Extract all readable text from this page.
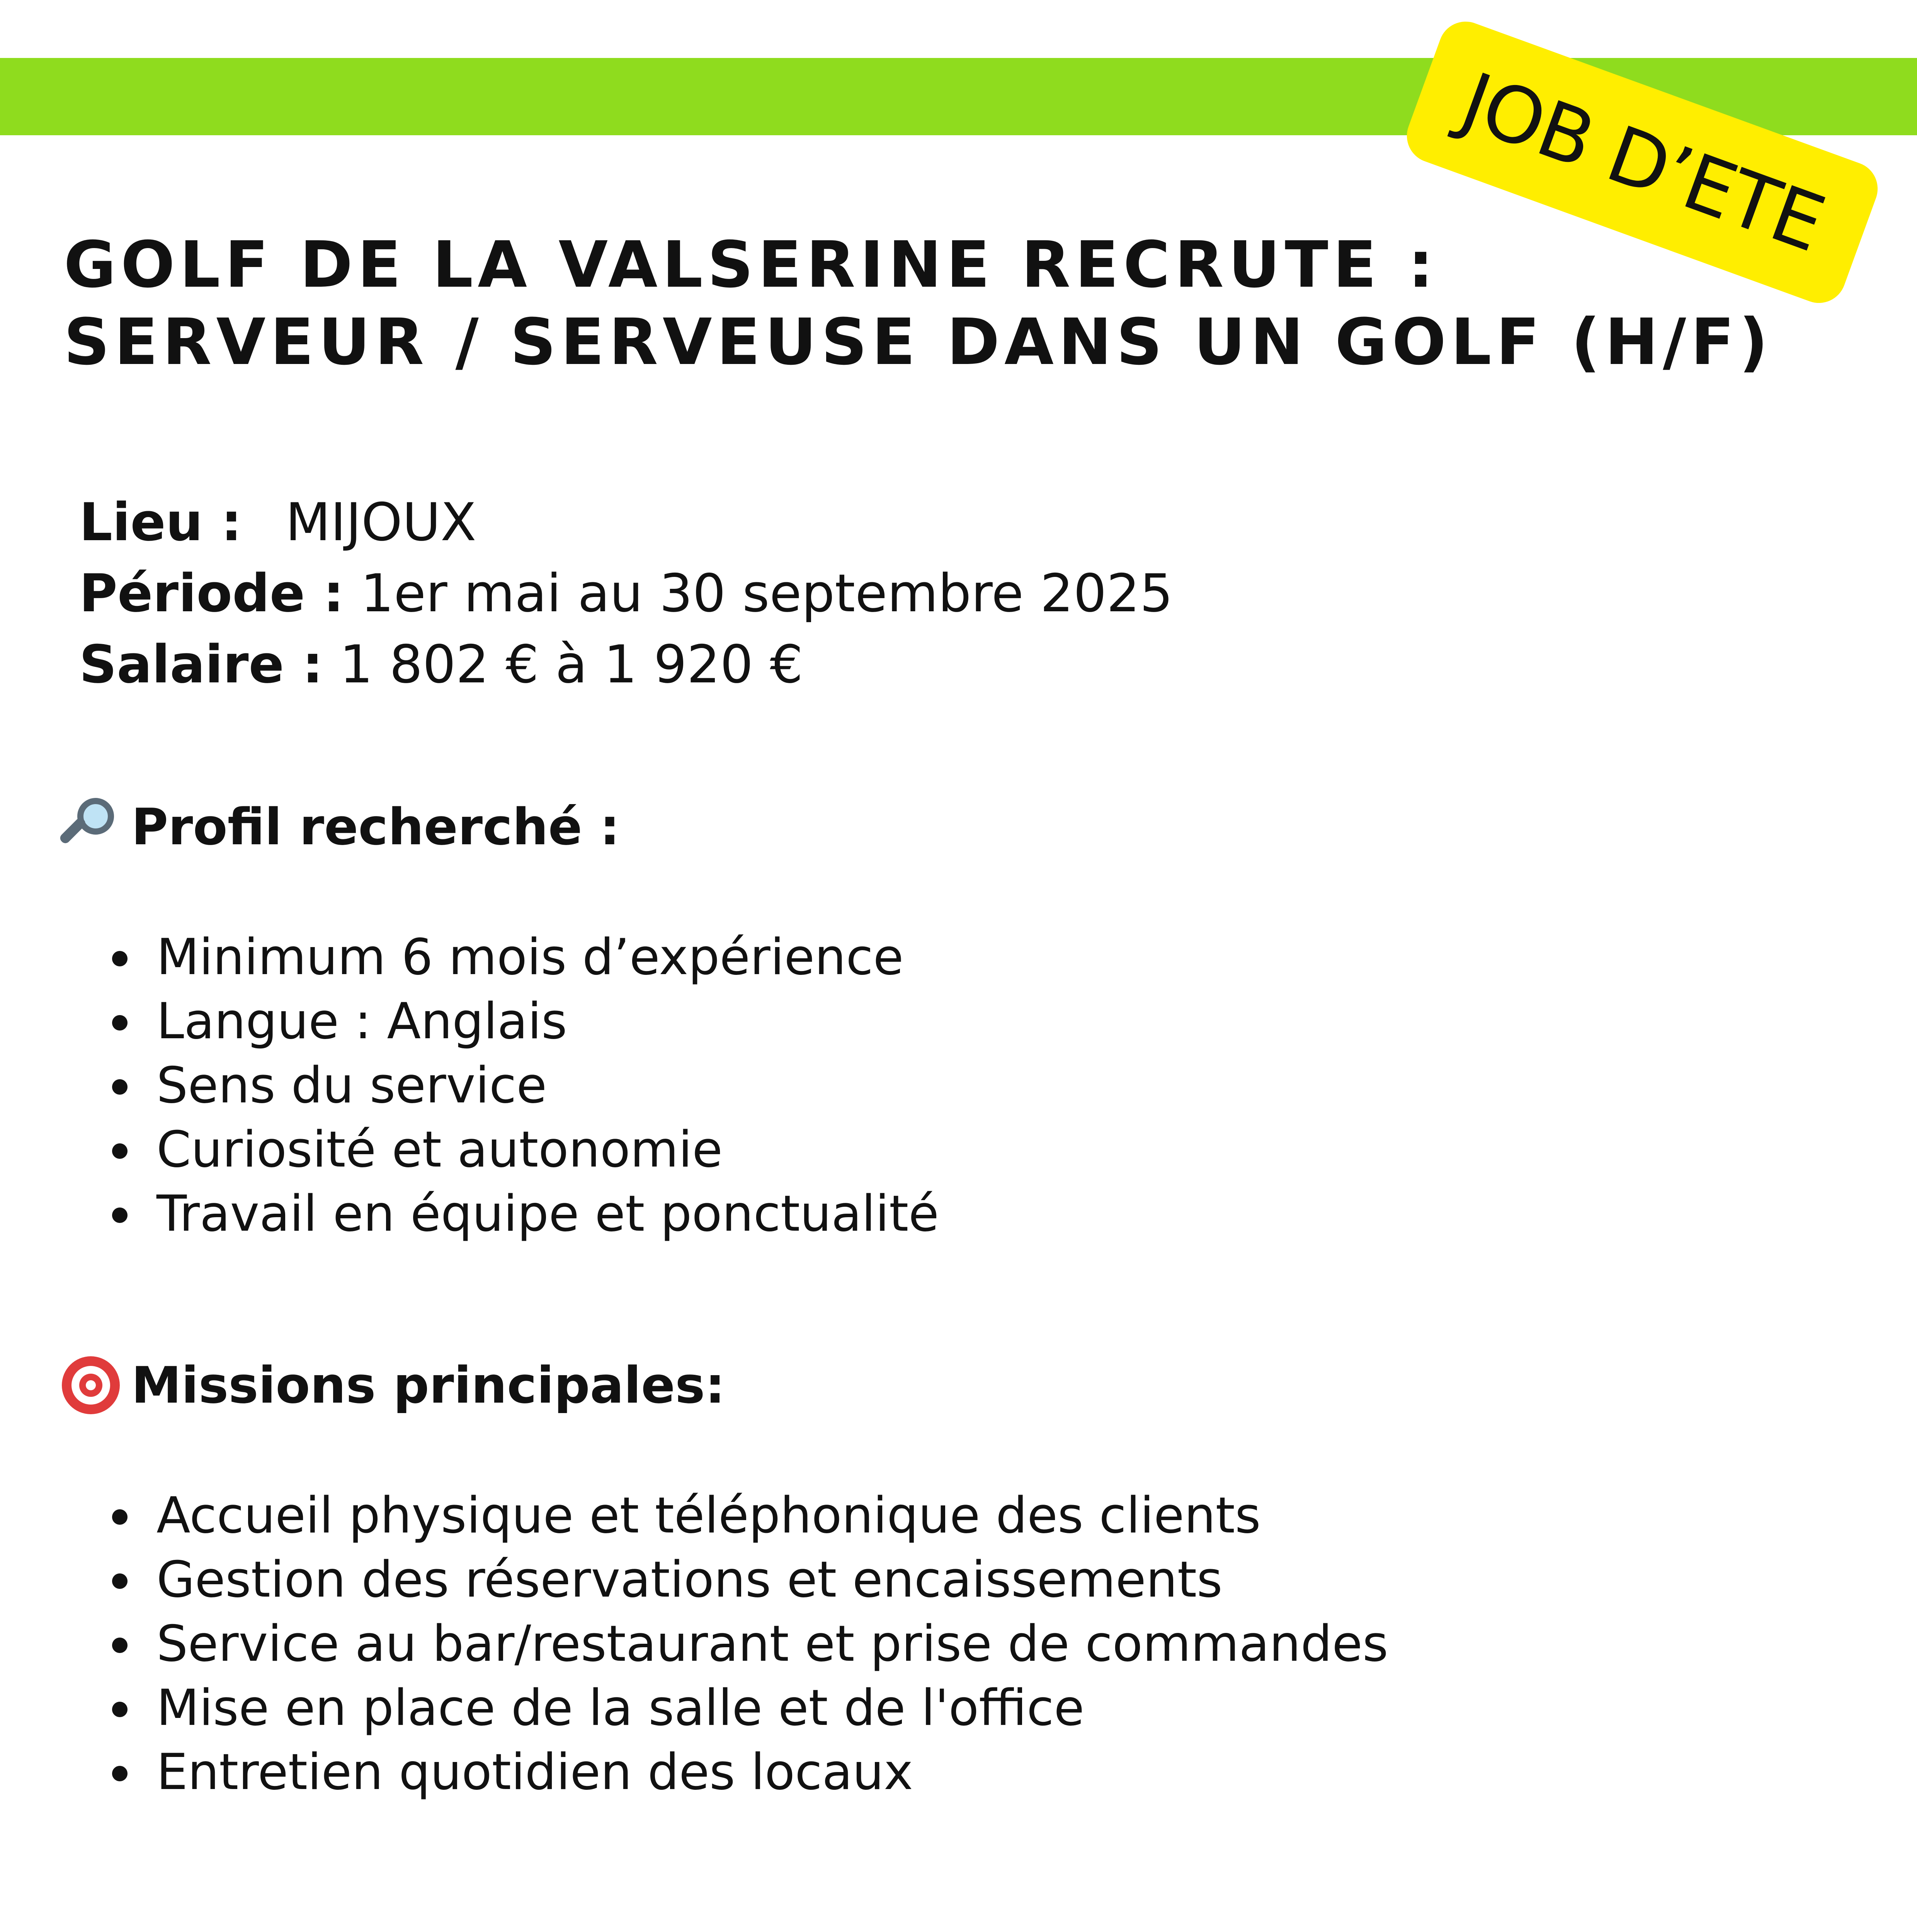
JOB D’ETE
GOLF DE LA VALSERINE RECRUTE :
SERVEUR / SERVEUSE DANS UN GOLF (H/F)
Lieu : MIJOUX
Période : 1er mai au 30 septembre 2025
Salaire : 1 802 € à 1 920 €
Profil recherché :
Minimum 6 mois d’expérience
Langue : Anglais
Sens du service
Curiosité et autonomie
Travail en équipe et ponctualité
Missions principales:
Accueil physique et téléphonique des clients
Gestion des réservations et encaissements
Service au bar/restaurant et prise de commandes
Mise en place de la salle et de l'office
Entretien quotidien des locaux
